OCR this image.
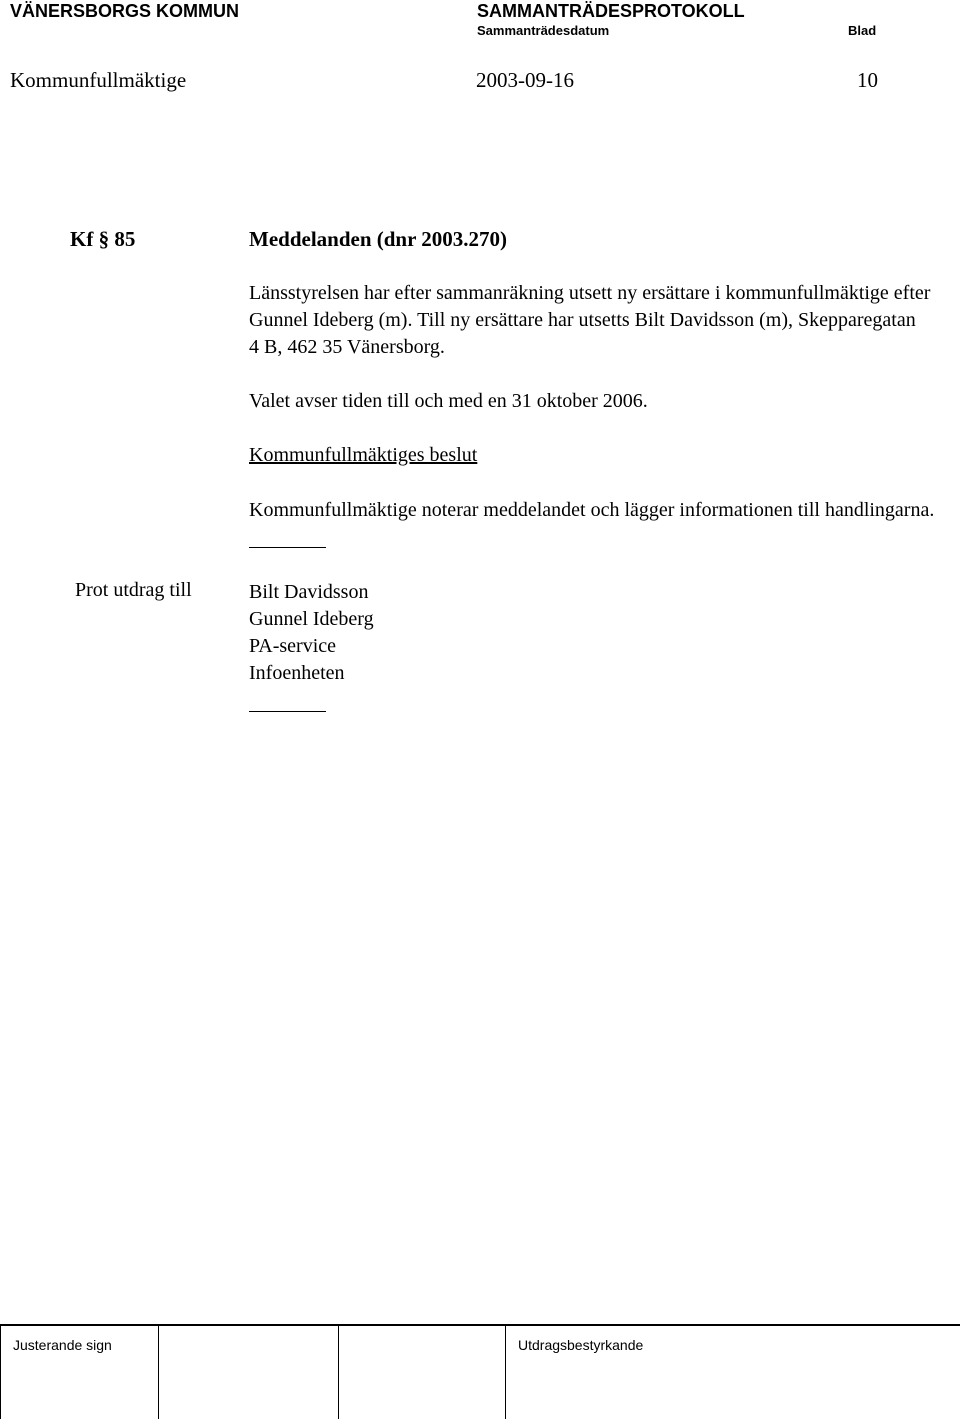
VÄNERSBORGS KOMMUN	SAMMANTRÄDESPROTOKOLL
Sammanträdesdatum	Blad
Kommunfullmäktige	2003-09-16	10
Kf § 85	Meddelanden (dnr 2003.270)
Länsstyrelsen har efter sammanräkning utsett ny ersättare i kommunfullmäktige efter
Gunnel Ideberg (m). Till ny ersättare har utsetts Bilt Davidsson (m), Skepparegatan
4 B, 462 35 Vänersborg.
Valet avser tiden till och med en 31 oktober 2006.
Kommunfullmäktiges beslut
Kommunfullmäktige noterar meddelandet och lägger informationen till handlingarna.
Prot utdrag till	Bilt Davidsson
Gunnel Ideberg
PA-service
Infoenheten
Justerande sign	Utdragsbestyrkande
